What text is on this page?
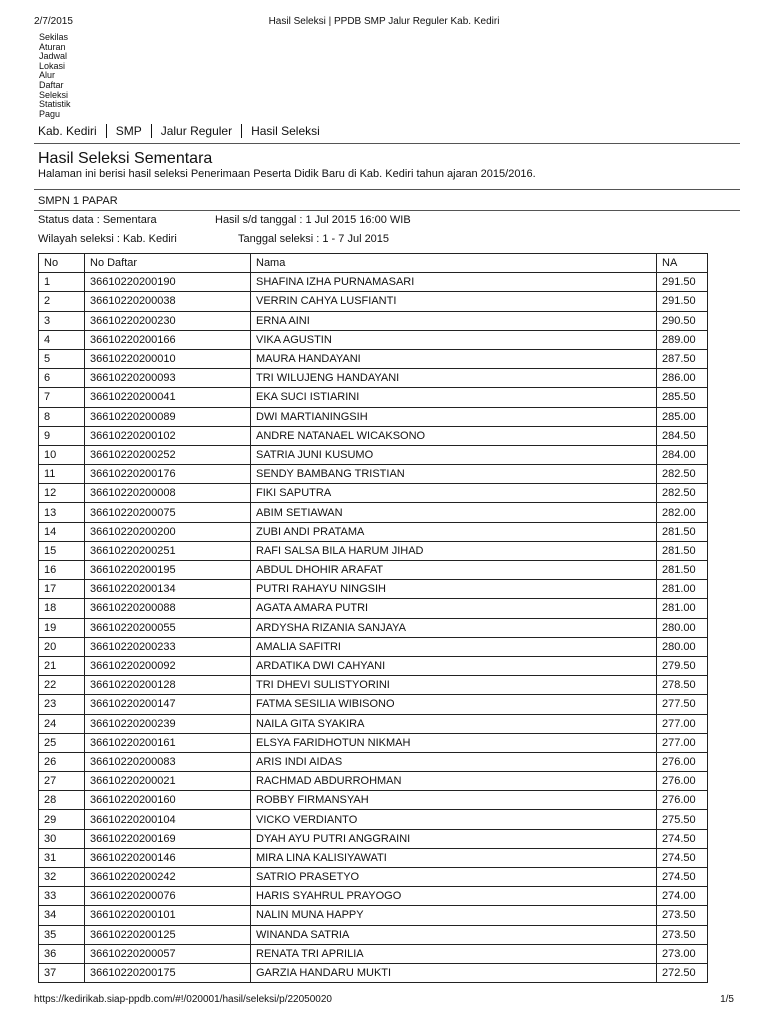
2/7/2015	Hasil Seleksi | PPDB SMP Jalur Reguler Kab. Kediri
Sekilas
Aturan
Jadwal
Lokasi
Alur
Daftar
Seleksi
Statistik
Pagu
Kab. Kediri SMP Jalur Reguler Hasil Seleksi
Hasil Seleksi Sementara
Halaman ini berisi hasil seleksi Penerimaan Peserta Didik Baru di Kab. Kediri tahun ajaran 2015/2016.
SMPN 1 PAPAR
Status data : Sementara	Hasil s/d tanggal : 1 Jul 2015 16:00 WIB
Wilayah seleksi : Kab. Kediri	Tanggal seleksi : 1 - 7 Jul 2015
No	No Daftar	Nama	NA
1	36610220200190	SHAFINA IZHA PURNAMASARI	291.50
2	36610220200038	VERRIN CAHYA LUSFIANTI	291.50
3	36610220200230	ERNA AINI	290.50
4	36610220200166	VIKA AGUSTIN	289.00
5	36610220200010	MAURA HANDAYANI	287.50
6	36610220200093	TRI WILUJENG HANDAYANI	286.00
7	36610220200041	EKA SUCI ISTIARINI	285.50
8	36610220200089	DWI MARTIANINGSIH	285.00
9	36610220200102	ANDRE NATANAEL WICAKSONO	284.50
10	36610220200252	SATRIA JUNI KUSUMO	284.00
11	36610220200176	SENDY BAMBANG TRISTIAN	282.50
12	36610220200008	FIKI SAPUTRA	282.50
13	36610220200075	ABIM SETIAWAN	282.00
14	36610220200200	ZUBI ANDI PRATAMA	281.50
15	36610220200251	RAFI SALSA BILA HARUM JIHAD	281.50
16	36610220200195	ABDUL DHOHIR ARAFAT	281.50
17	36610220200134	PUTRI RAHAYU NINGSIH	281.00
18	36610220200088	AGATA AMARA PUTRI	281.00
19	36610220200055	ARDYSHA RIZANIA SANJAYA	280.00
20	36610220200233	AMALIA SAFITRI	280.00
21	36610220200092	ARDATIKA DWI CAHYANI	279.50
22	36610220200128	TRI DHEVI SULISTYORINI	278.50
23	36610220200147	FATMA SESILIA WIBISONO	277.50
24	36610220200239	NAILA GITA SYAKIRA	277.00
25	36610220200161	ELSYA FARIDHOTUN NIKMAH	277.00
26	36610220200083	ARIS INDI AIDAS	276.00
27	36610220200021	RACHMAD ABDURROHMAN	276.00
28	36610220200160	ROBBY FIRMANSYAH	276.00
29	36610220200104	VICKO VERDIANTO	275.50
30	36610220200169	DYAH AYU PUTRI ANGGRAINI	274.50
31	36610220200146	MIRA LINA KALISIYAWATI	274.50
32	36610220200242	SATRIO PRASETYO	274.50
33	36610220200076	HARIS SYAHRUL PRAYOGO	274.00
34	36610220200101	NALIN MUNA HAPPY	273.50
35	36610220200125	WINANDA SATRIA	273.50
36	36610220200057	RENATA TRI APRILIA	273.00
37	36610220200175	GARZIA HANDARU MUKTI	272.50
https://kedirikab.siap-ppdb.com/#!/020001/hasil/seleksi/p/22050020	1/5
